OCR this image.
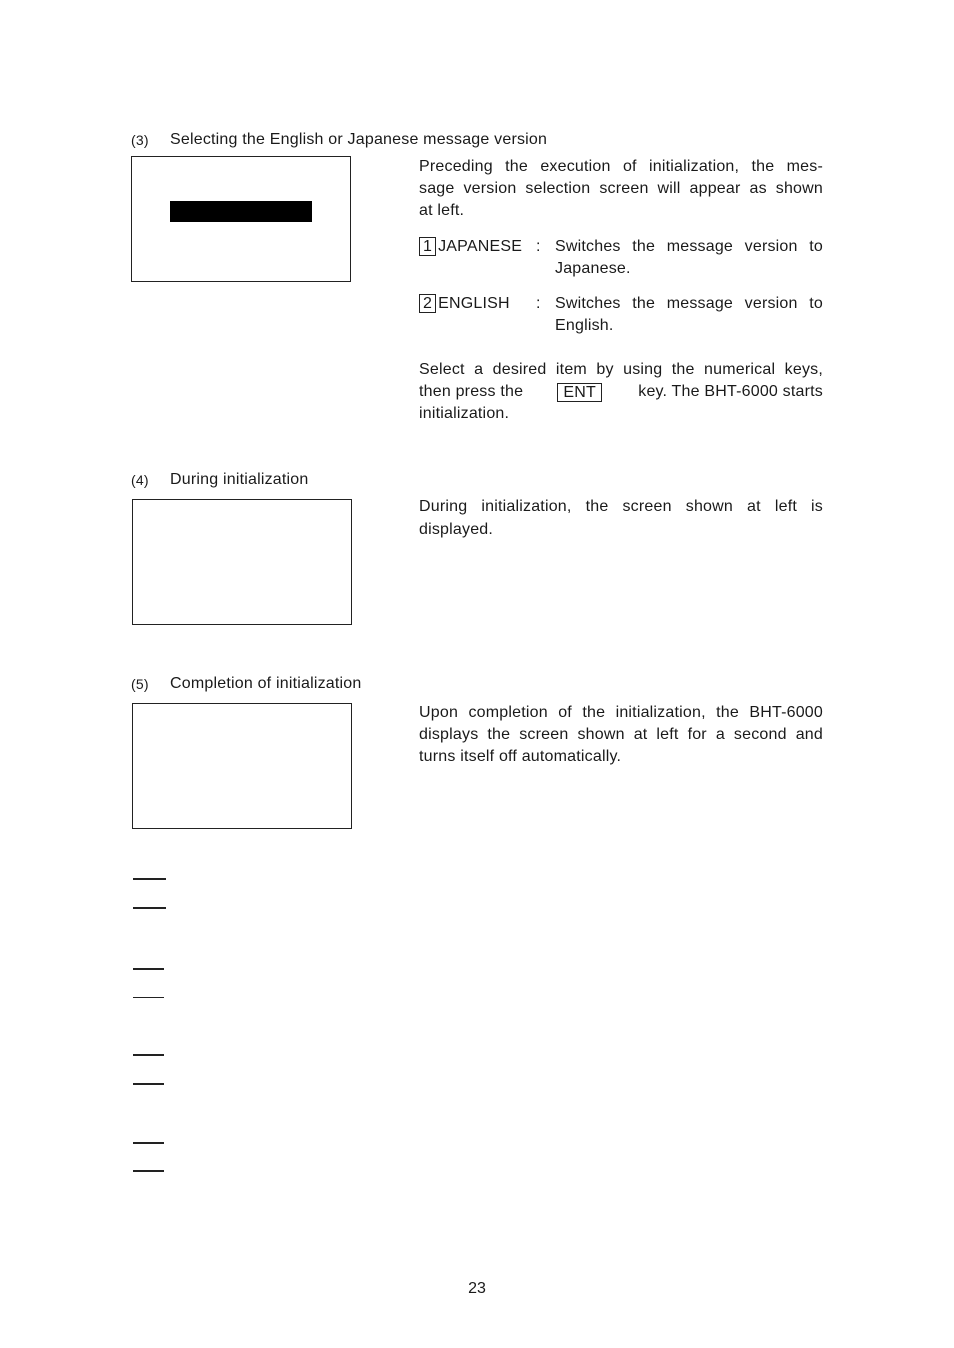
(3) Selecting the English or Japanese message version
Preceding the execution of initialization, the mes-
sage version selection screen will appear as shown
at left.
1 JAPANESE : Switches the message version to
Japanese.
2 ENGLISH : Switches the message version to
English.
Select a desired item by using the numerical keys,
then press the	ENT	key. The BHT-6000 starts
initialization.
(4) During initialization
During initialization, the screen shown at left is
displayed.
(5) Completion of initialization
Upon completion of the initialization, the BHT-6000
displays the screen shown at left for a second and
turns itself off automatically.
23
